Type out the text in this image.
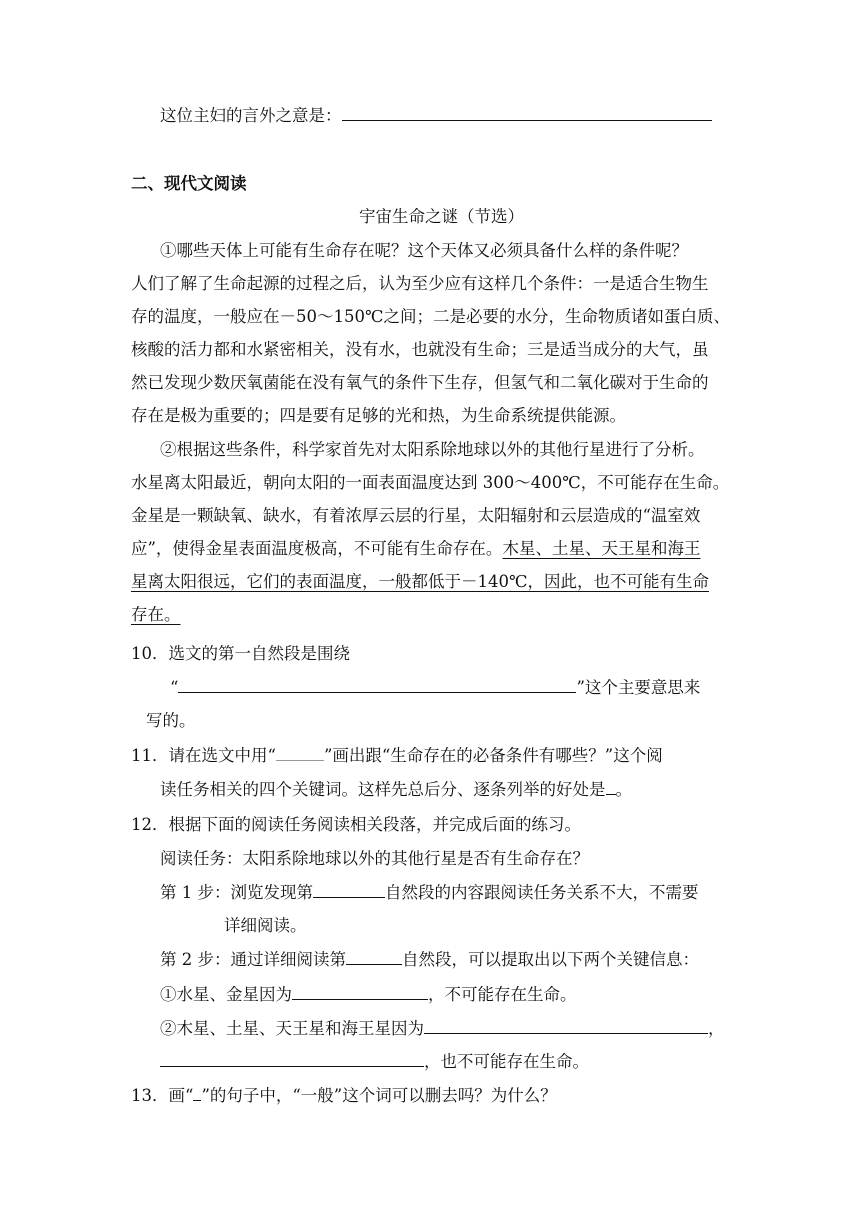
这位主妇的言外之意是：
二、现代文阅读
宇宙生命之谜（节选）
①哪些天体上可能有生命存在呢？这个天体又必须具备什么样的条件呢？
人们了解了生命起源的过程之后，认为至少应有这样几个条件：一是适合生物生
存的温度，一般应在－50～150℃之间；二是必要的水分，生命物质诸如蛋白质、
核酸的活力都和水紧密相关，没有水，也就没有生命；三是适当成分的大气，虽
然已发现少数厌氧菌能在没有氧气的条件下生存，但氢气和二氧化碳对于生命的
存在是极为重要的；四是要有足够的光和热，为生命系统提供能源。
②根据这些条件，科学家首先对太阳系除地球以外的其他行星进行了分析。
水星离太阳最近，朝向太阳的一面表面温度达到 300～400℃，不可能存在生命。
金星是一颗缺氧、缺水，有着浓厚云层的行星，太阳辐射和云层造成的“温室效
应”，使得金星表面温度极高，不可能有生命存在。木星、土星、天王星和海王
星离太阳很远，它们的表面温度，一般都低于－140℃，因此，也不可能有生命
存在。
10．选文的第一自然段是围绕
“	”这个主要意思来
写的。
11．请在选文中用“	”画出跟“生命存在的必备条件有哪些？”这个阅
读任务相关的四个关键词。这样先总后分、逐条列举的好处是 。
12．根据下面的阅读任务阅读相关段落，并完成后面的练习。
阅读任务：太阳系除地球以外的其他行星是否有生命存在？
第 1 步：浏览发现第	自然段的内容跟阅读任务关系不大，不需要
详细阅读。
第 2 步：通过详细阅读第	自然段，可以提取出以下两个关键信息：
①水星、金星因为	，不可能存在生命。
②木星、土星、天王星和海王星因为	，
，也不可能存在生命。
13．画“ ”的句子中，“一般”这个词可以删去吗？为什么？
